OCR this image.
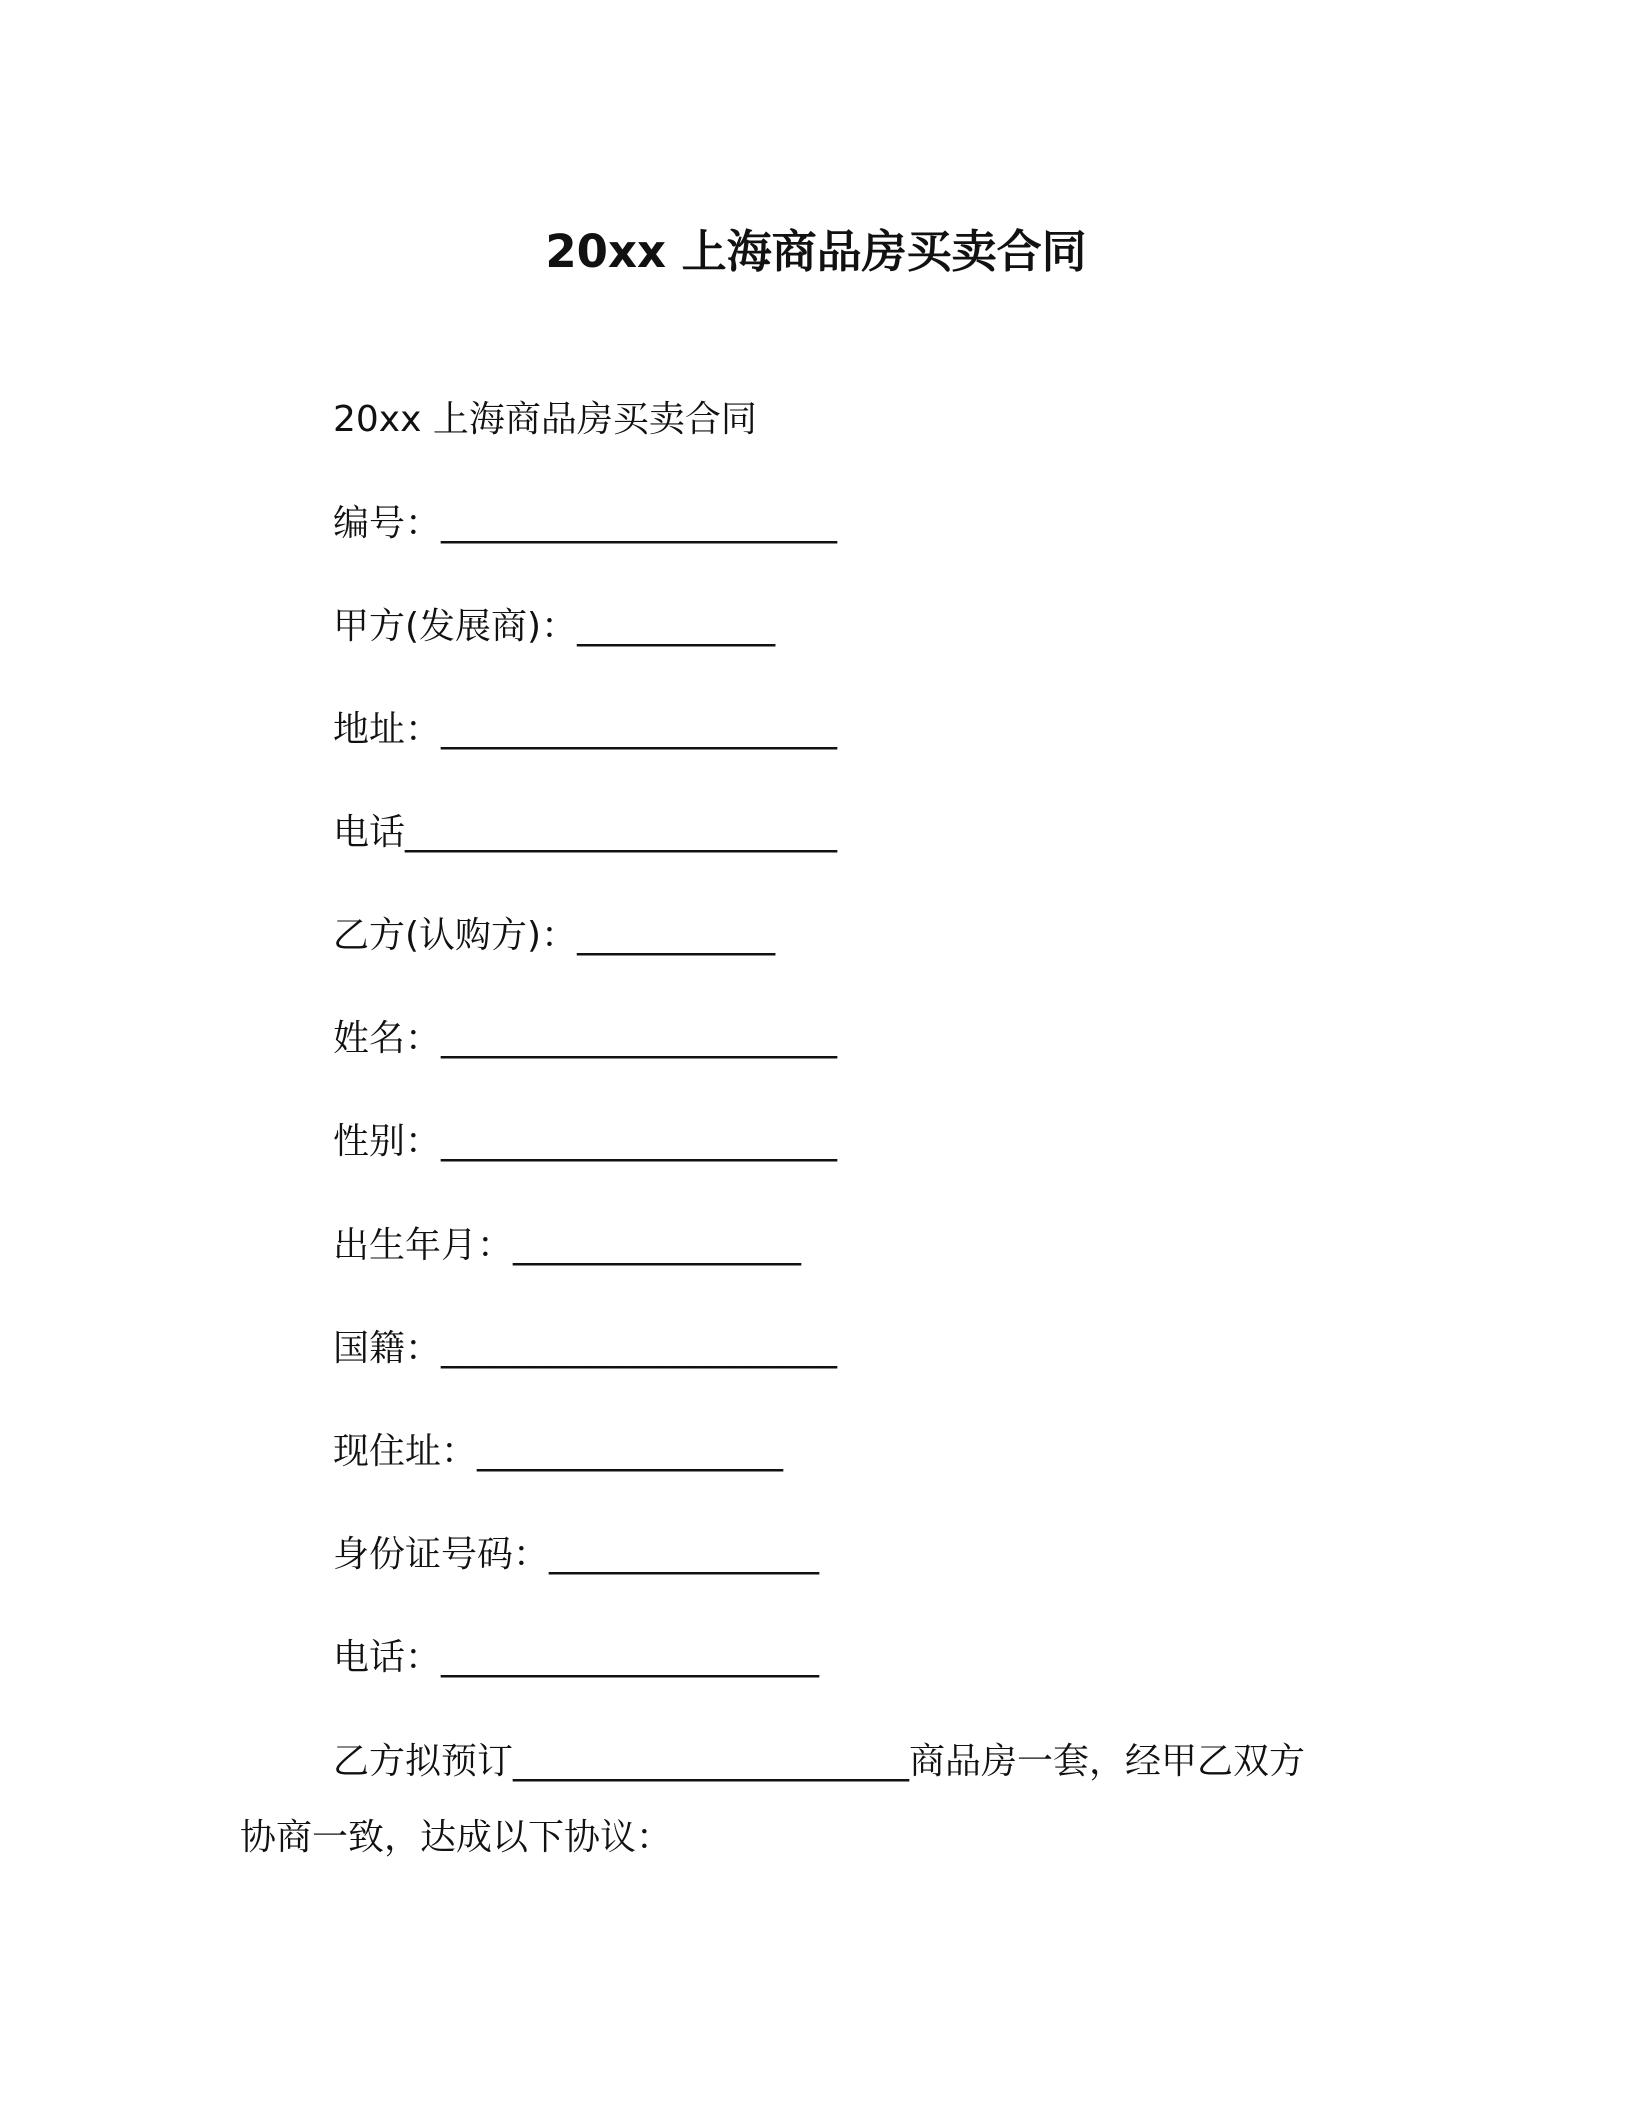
20xx 上海商品房买卖合同
20xx 上海商品房买卖合同
编号：______________________
甲方(发展商)：___________
地址：______________________
电话________________________
乙方(认购方)：___________
姓名：______________________
性别：______________________
出生年月：________________
国籍：______________________
现住址：_________________
身份证号码：_______________
电话：_____________________
乙方拟预订______________________商品房一套，经甲乙双方
协商一致，达成以下协议：
